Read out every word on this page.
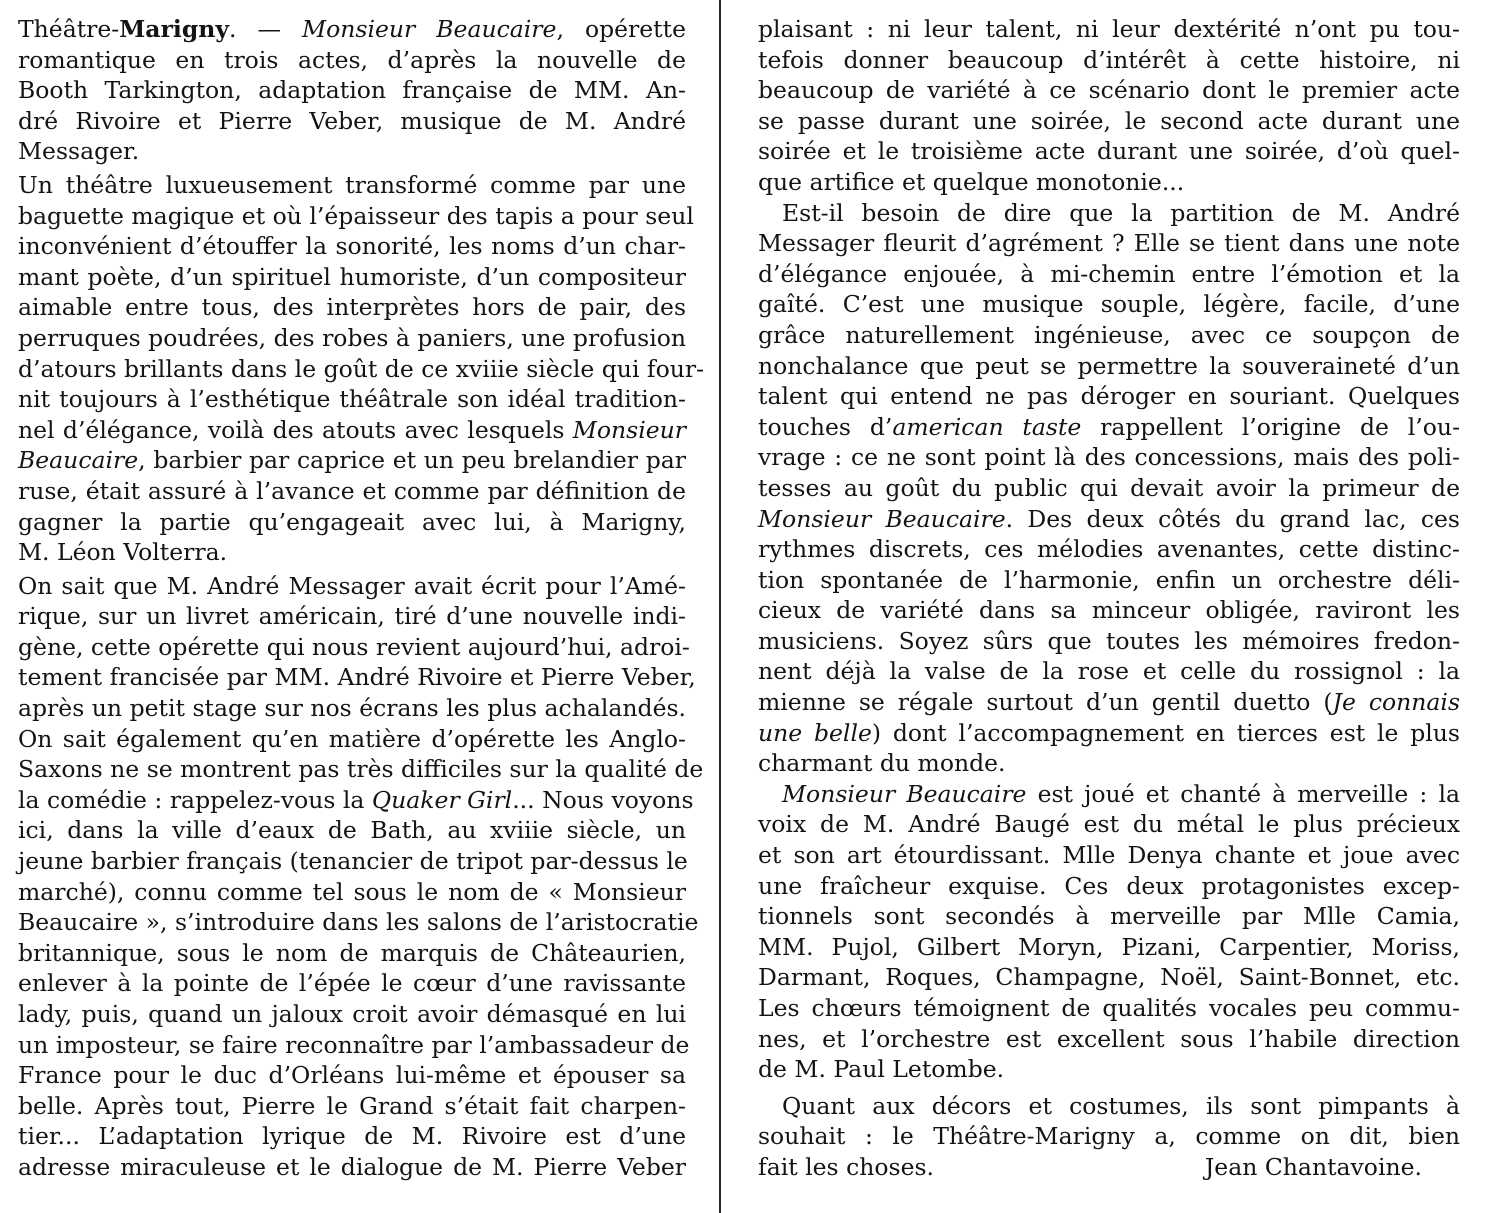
Théâtre-Marigny. — Monsieur Beaucaire, opérette
romantique en trois actes, d’après la nouvelle de
Booth Tarkington, adaptation française de MM. An-
dré Rivoire et Pierre Veber, musique de M. André
Messager.
Un théâtre luxueusement transformé comme par une
baguette magique et où l’épaisseur des tapis a pour seul
inconvénient d’étouffer la sonorité, les noms d’un char-
mant poète, d’un spirituel humoriste, d’un compositeur
aimable entre tous, des interprètes hors de pair, des
perruques poudrées, des robes à paniers, une profusion
d’atours brillants dans le goût de ce xviiie siècle qui four-
nit toujours à l’esthétique théâtrale son idéal tradition-
nel d’élégance, voilà des atouts avec lesquels Monsieur
Beaucaire, barbier par caprice et un peu brelandier par
ruse, était assuré à l’avance et comme par définition de
gagner la partie qu’engageait avec lui, à Marigny,
M. Léon Volterra.
On sait que M. André Messager avait écrit pour l’Amé-
rique, sur un livret américain, tiré d’une nouvelle indi-
gène, cette opérette qui nous revient aujourd’hui, adroi-
tement francisée par MM. André Rivoire et Pierre Veber,
après un petit stage sur nos écrans les plus achalandés.
On sait également qu’en matière d’opérette les Anglo-
Saxons ne se montrent pas très difficiles sur la qualité de
la comédie : rappelez-vous la Quaker Girl... Nous voyons
ici, dans la ville d’eaux de Bath, au xviiie siècle, un
jeune barbier français (tenancier de tripot par-dessus le
marché), connu comme tel sous le nom de « Monsieur
Beaucaire », s’introduire dans les salons de l’aristocratie
britannique, sous le nom de marquis de Châteaurien,
enlever à la pointe de l’épée le cœur d’une ravissante
lady, puis, quand un jaloux croit avoir démasqué en lui
un imposteur, se faire reconnaître par l’ambassadeur de
France pour le duc d’Orléans lui-même et épouser sa
belle. Après tout, Pierre le Grand s’était fait charpen-
tier... L’adaptation lyrique de M. Rivoire est d’une
adresse miraculeuse et le dialogue de M. Pierre Veber
plaisant : ni leur talent, ni leur dextérité n’ont pu tou-
tefois donner beaucoup d’intérêt à cette histoire, ni
beaucoup de variété à ce scénario dont le premier acte
se passe durant une soirée, le second acte durant une
soirée et le troisième acte durant une soirée, d’où quel-
que artifice et quelque monotonie...
Est-il besoin de dire que la partition de M. André
Messager fleurit d’agrément ? Elle se tient dans une note
d’élégance enjouée, à mi-chemin entre l’émotion et la
gaîté. C’est une musique souple, légère, facile, d’une
grâce naturellement ingénieuse, avec ce soupçon de
nonchalance que peut se permettre la souveraineté d’un
talent qui entend ne pas déroger en souriant. Quelques
touches d’american taste rappellent l’origine de l’ou-
vrage : ce ne sont point là des concessions, mais des poli-
tesses au goût du public qui devait avoir la primeur de
Monsieur Beaucaire. Des deux côtés du grand lac, ces
rythmes discrets, ces mélodies avenantes, cette distinc-
tion spontanée de l’harmonie, enfin un orchestre déli-
cieux de variété dans sa minceur obligée, raviront les
musiciens. Soyez sûrs que toutes les mémoires fredon-
nent déjà la valse de la rose et celle du rossignol : la
mienne se régale surtout d’un gentil duetto (Je connais
une belle) dont l’accompagnement en tierces est le plus
charmant du monde.
Monsieur Beaucaire est joué et chanté à merveille : la
voix de M. André Baugé est du métal le plus précieux
et son art étourdissant. Mlle Denya chante et joue avec
une fraîcheur exquise. Ces deux protagonistes excep-
tionnels sont secondés à merveille par Mlle Camia,
MM. Pujol, Gilbert Moryn, Pizani, Carpentier, Moriss,
Darmant, Roques, Champagne, Noël, Saint-Bonnet, etc.
Les chœurs témoignent de qualités vocales peu commu-
nes, et l’orchestre est excellent sous l’habile direction
de M. Paul Letombe.
Quant aux décors et costumes, ils sont pimpants à
souhait : le Théâtre-Marigny a, comme on dit, bien
fait les choses.	Jean Chantavoine.
